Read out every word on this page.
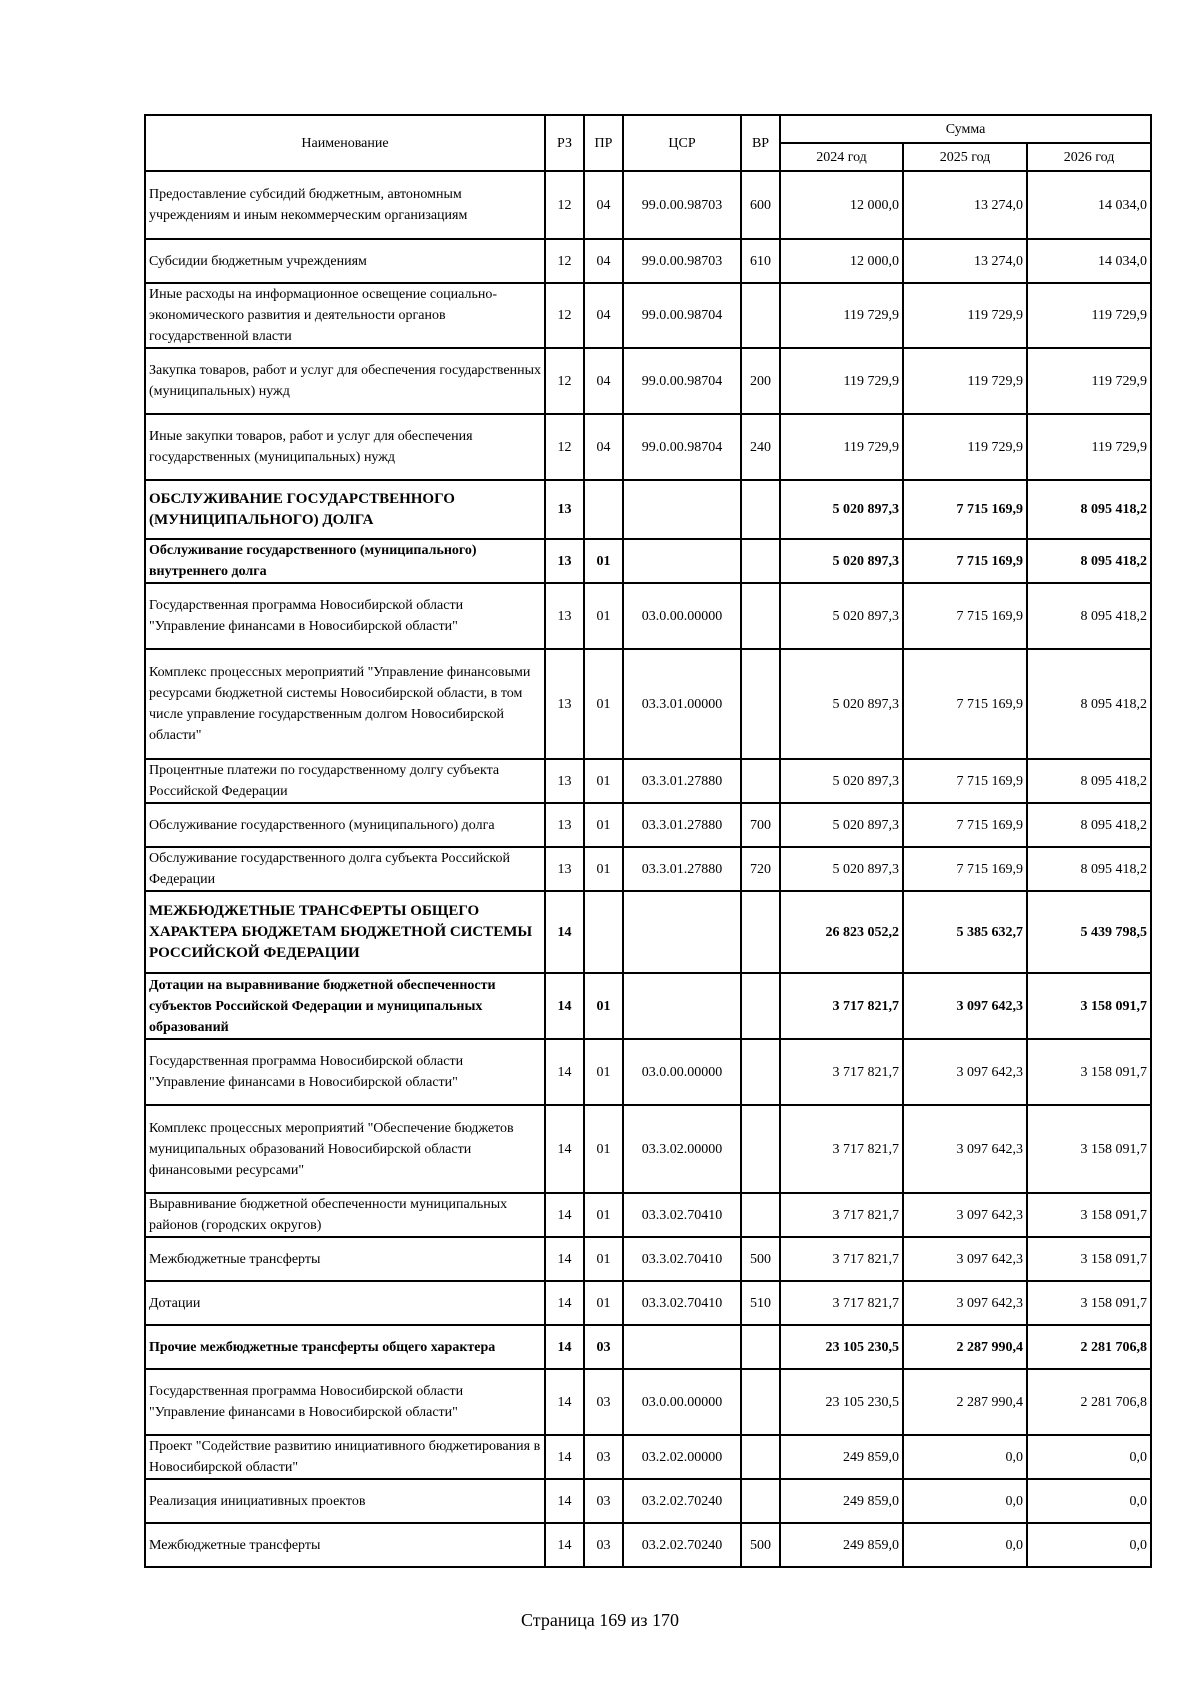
Наименование	РЗ	ПР	ЦСР	ВР	Сумма		
					2024 год	2025 год	2026 год
Предоставление субсидий бюджетным, автономным учреждениям и иным некоммерческим организациям	12	04	99.0.00.98703	600	12 000,0	13 274,0	14 034,0
Субсидии бюджетным учреждениям	12	04	99.0.00.98703	610	12 000,0	13 274,0	14 034,0
Иные расходы на информационное освещение социально-экономического развития и деятельности органов государственной власти	12	04	99.0.00.98704		119 729,9	119 729,9	119 729,9
Закупка товаров, работ и услуг для обеспечения государственных (муниципальных) нужд	12	04	99.0.00.98704	200	119 729,9	119 729,9	119 729,9
Иные закупки товаров, работ и услуг для обеспечения государственных (муниципальных) нужд	12	04	99.0.00.98704	240	119 729,9	119 729,9	119 729,9
ОБСЛУЖИВАНИЕ ГОСУДАРСТВЕННОГО (МУНИЦИПАЛЬНОГО) ДОЛГА	13				5 020 897,3	7 715 169,9	8 095 418,2
Обслуживание государственного (муниципального) внутреннего долга	13	01			5 020 897,3	7 715 169,9	8 095 418,2
Государственная программа Новосибирской области "Управление финансами в Новосибирской области"	13	01	03.0.00.00000		5 020 897,3	7 715 169,9	8 095 418,2
Комплекс процессных мероприятий "Управление финансовыми ресурсами бюджетной системы Новосибирской области, в том числе управление государственным долгом Новосибирской области"	13	01	03.3.01.00000		5 020 897,3	7 715 169,9	8 095 418,2
Процентные платежи по государственному долгу субъекта Российской Федерации	13	01	03.3.01.27880		5 020 897,3	7 715 169,9	8 095 418,2
Обслуживание государственного (муниципального) долга	13	01	03.3.01.27880	700	5 020 897,3	7 715 169,9	8 095 418,2
Обслуживание государственного долга субъекта Российской Федерации	13	01	03.3.01.27880	720	5 020 897,3	7 715 169,9	8 095 418,2
МЕЖБЮДЖЕТНЫЕ ТРАНСФЕРТЫ ОБЩЕГО ХАРАКТЕРА БЮДЖЕТАМ БЮДЖЕТНОЙ СИСТЕМЫ РОССИЙСКОЙ ФЕДЕРАЦИИ	14				26 823 052,2	5 385 632,7	5 439 798,5
Дотации на выравнивание бюджетной обеспеченности субъектов Российской Федерации и муниципальных образований	14	01			3 717 821,7	3 097 642,3	3 158 091,7
Государственная программа Новосибирской области "Управление финансами в Новосибирской области"	14	01	03.0.00.00000		3 717 821,7	3 097 642,3	3 158 091,7
Комплекс процессных мероприятий "Обеспечение бюджетов муниципальных образований Новосибирской области финансовыми ресурсами"	14	01	03.3.02.00000		3 717 821,7	3 097 642,3	3 158 091,7
Выравнивание бюджетной обеспеченности муниципальных районов (городских округов)	14	01	03.3.02.70410		3 717 821,7	3 097 642,3	3 158 091,7
Межбюджетные трансферты	14	01	03.3.02.70410	500	3 717 821,7	3 097 642,3	3 158 091,7
Дотации	14	01	03.3.02.70410	510	3 717 821,7	3 097 642,3	3 158 091,7
Прочие межбюджетные трансферты общего характера	14	03			23 105 230,5	2 287 990,4	2 281 706,8
Государственная программа Новосибирской области "Управление финансами в Новосибирской области"	14	03	03.0.00.00000		23 105 230,5	2 287 990,4	2 281 706,8
Проект "Содействие развитию инициативного бюджетирования в Новосибирской области"	14	03	03.2.02.00000		249 859,0	0,0	0,0
Реализация инициативных проектов	14	03	03.2.02.70240		249 859,0	0,0	0,0
Межбюджетные трансферты	14	03	03.2.02.70240	500	249 859,0	0,0	0,0
Страница 169 из 170
